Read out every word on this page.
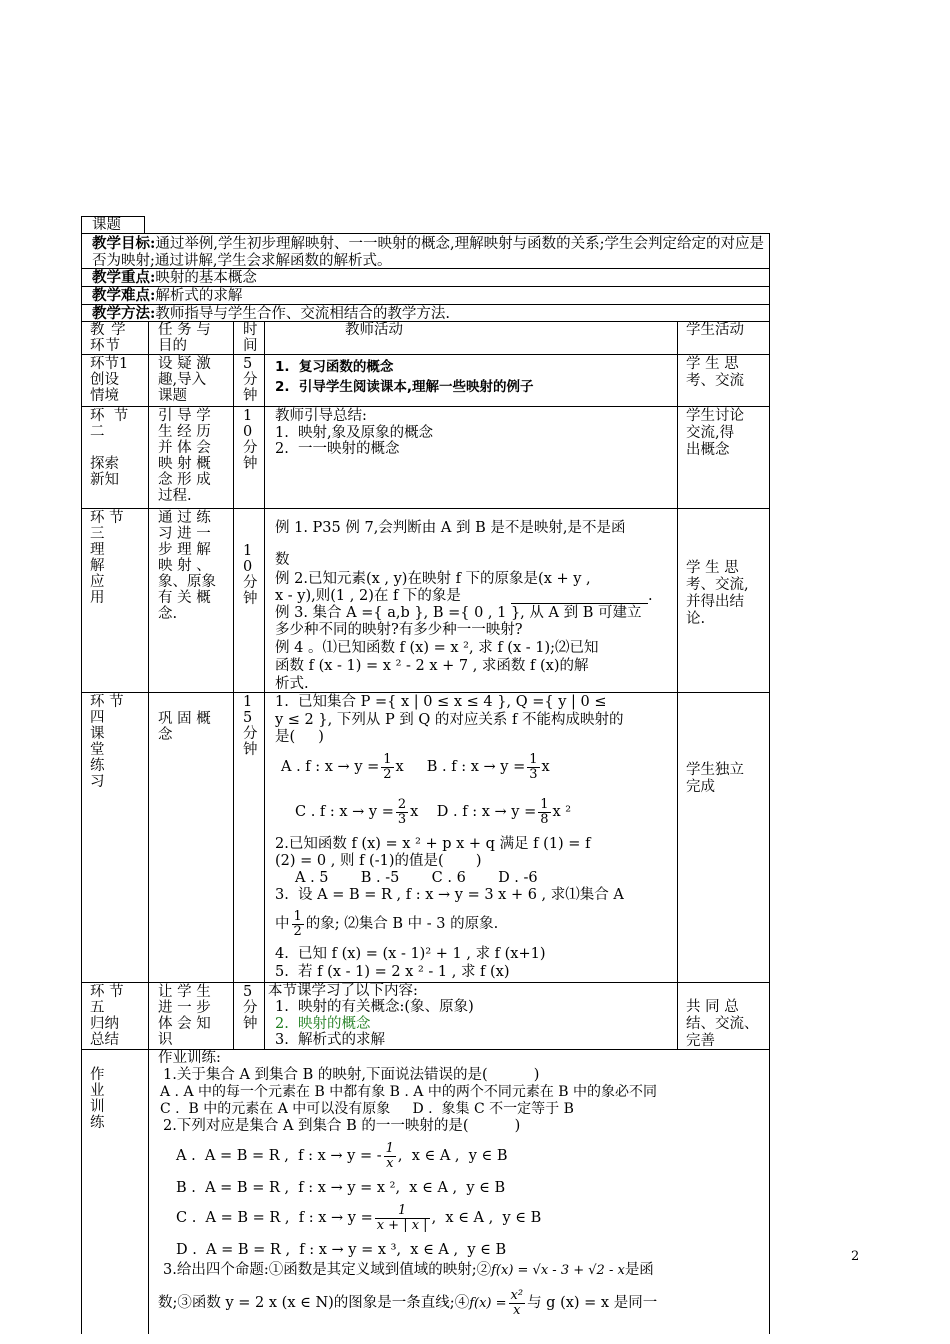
课题
教学目标:通过举例,学生初步理解映射、一一映射的概念,理解映射与函数的关系;学生会判定给定的对应是否为映射;通过讲解,学生会求解函数的解析式。
教学重点:映射的基本概念
教学难点:解析式的求解
教学方法:教师指导与学生合作、交流相结合的教学方法.
教 学
环节
任 务 与
目的
时
间
教师活动	学生活动
环节1
创设
情境
设 疑 激
趣,导入
课题
5
分
钟
1.  复习函数的概念
2.  引导学生阅读课本,理解一些映射的例子
学 生 思
考、交流
环  节
二

探索
新知
引 导 学
生 经 历
并 体 会
映 射 概
念 形 成
过程.
1
0
分
钟
教师引导总结:
1.  映射,象及原象的概念
2.  一一映射的概念
学生讨论
交流,得
出概念
环 节
三
理
解
应
用
通 过 练
习 进 一
步 理 解
映 射 、
象、原象
有 关 概
念.
1
0
分
钟
例 1. P35 例 7,会判断由 A 到 B 是不是映射,是不是函
数
例 2.已知元素(x , y)在映射 f 下的原象是(x + y ,
x - y),则(1 , 2)在 f 下的象是	.
例 3. 集合 A ={ a,b }, B ={ 0 , 1 }, 从 A 到 B 可建立
多少种不同的映射?有多少种一一映射?
例 4 。⑴已知函数 f (x) = x ², 求 f (x - 1);⑵已知
函数 f (x - 1) = x ² - 2 x + 7 , 求函数 f (x)的解
析式.
学 生 思
考、交流,
并得出结
论.
环 节
四
课
堂
练
习
巩 固 概
念
1
5
分
钟
1.  已知集合 P ={ x | 0 ≤ x ≤ 4 }, Q ={ y | 0 ≤
y ≤ 2 }, 下列从 P 到 Q 的对应关系 f 不能构成映射的
是(     )
A . f : $x \to y = \frac{1}{2}$ x B . f : $x \to y = \frac{1}{3}$ x
C . f : $x \to y = \frac{2}{3}$ x D . f : $x \to y = \frac{1}{8}$ x ²
2.已知函数 f (x) = x ² + p x + q 满足 f (1) = f
(2) = 0 , 则 f (-1)的值是(       )
A . 5       B . -5       C . 6       D . -6
3.  设 A = B = R , f : x → y = 3 x + 6 , 求⑴集合 A
中 $\frac{1}{2}$ 的象; ⑵集合 B 中 - 3 的原象.
4.  已知 f (x) = (x - 1)² + 1 , 求 f (x+1)
5.  若 f (x - 1) = 2 x ² - 1 , 求 f (x)
学生独立
完成
环 节
五
归纳
总结
让 学 生
进 一 步
体 会 知
识
5
分
钟
本节课学习了以下内容:
1.  映射的有关概念:(象、原象)
2.  映射的概念
3.  解析式的求解
共 同 总
结、交流、
完善
作
业
训
练
作业训练:
1.关于集合 A 到集合 B 的映射,下面说法错误的是(          )
A . A 中的每一个元素在 B 中都有象 B . A 中的两个不同元素在 B 中的象必不同
C .  B 中的元素在 A 中可以没有原象     D .  象集 C 不一定等于 B
2.下列对应是集合 A 到集合 B 的一一映射的是(          )
A .  A = B = R ,  f : x → y = - $\frac{1}{x}$ ,  x ∈ A ,  y ∈ B
B .  A = B = R ,  f : x → y = x ²,  x ∈ A ,  y ∈ B
C .  A = B = R ,  f : $x \to y = \frac{1}{x + | x |}$ ,  x ∈ A ,  y ∈ B
D .  A = B = R ,  f : x → y = x ³,  x ∈ A ,  y ∈ B
3.给出四个命题:①函数是其定义域到值域的映射;②f(x) = √x - 3 + √2 - x是函
数;③函数 y = 2 x (x ∈ N)的图象是一条直线;④f(x) = $\frac{\text{x²}}{x}$ 与 g (x) = x 是同一
2
